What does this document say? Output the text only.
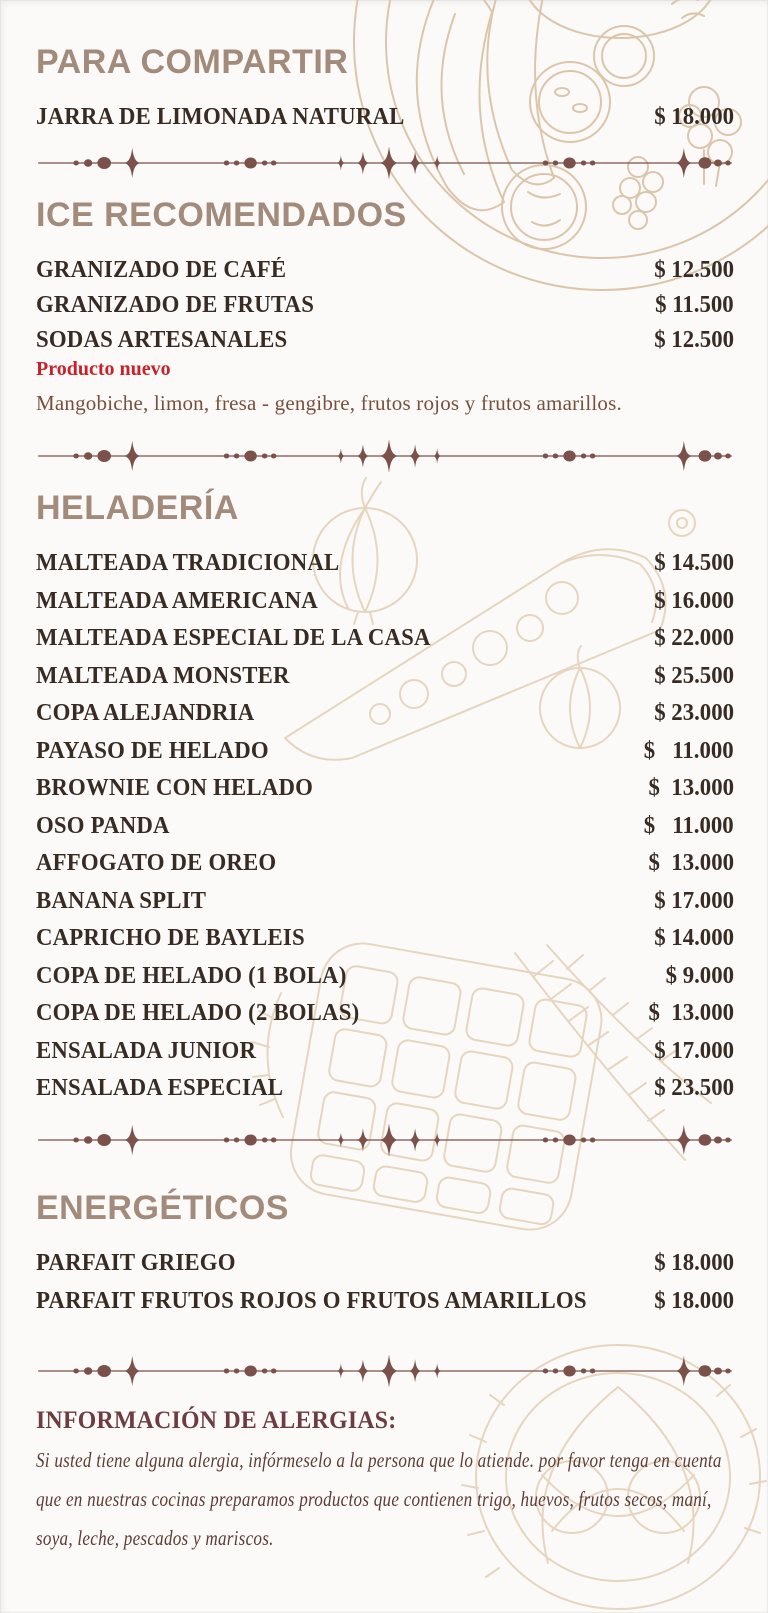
PARA COMPARTIR
JARRA DE LIMONADA NATURAL	$ 18.000
ICE RECOMENDADOS
GRANIZADO DE CAFÉ	$ 12.500
GRANIZADO DE FRUTAS	$ 11.500
SODAS ARTESANALES	$ 12.500
Producto nuevo
Mangobiche, limon, fresa - gengibre, frutos rojos y frutos amarillos.
HELADERÍA
MALTEADA TRADICIONAL	$ 14.500
MALTEADA AMERICANA	$ 16.000
MALTEADA ESPECIAL DE LA CASA	$ 22.000
MALTEADA MONSTER	$ 25.500
COPA ALEJANDRIA	$ 23.000
PAYASO DE HELADO	$   11.000
BROWNIE CON HELADO	$  13.000
OSO PANDA	$   11.000
AFFOGATO DE OREO	$  13.000
BANANA SPLIT	$ 17.000
CAPRICHO DE BAYLEIS	$ 14.000
COPA DE HELADO (1 BOLA)	$ 9.000
COPA DE HELADO (2 BOLAS)	$  13.000
ENSALADA JUNIOR	$ 17.000
ENSALADA ESPECIAL	$ 23.500
ENERGÉTICOS
PARFAIT GRIEGO	$ 18.000
PARFAIT FRUTOS ROJOS O FRUTOS AMARILLOS	$ 18.000
INFORMACIÓN DE ALERGIAS:
Si usted tiene alguna alergia, infórmeselo a la persona que lo atiende. por favor tenga en cuenta que en nuestras cocinas preparamos productos que contienen trigo, huevos, frutos secos, maní, soya, leche, pescados y mariscos.
